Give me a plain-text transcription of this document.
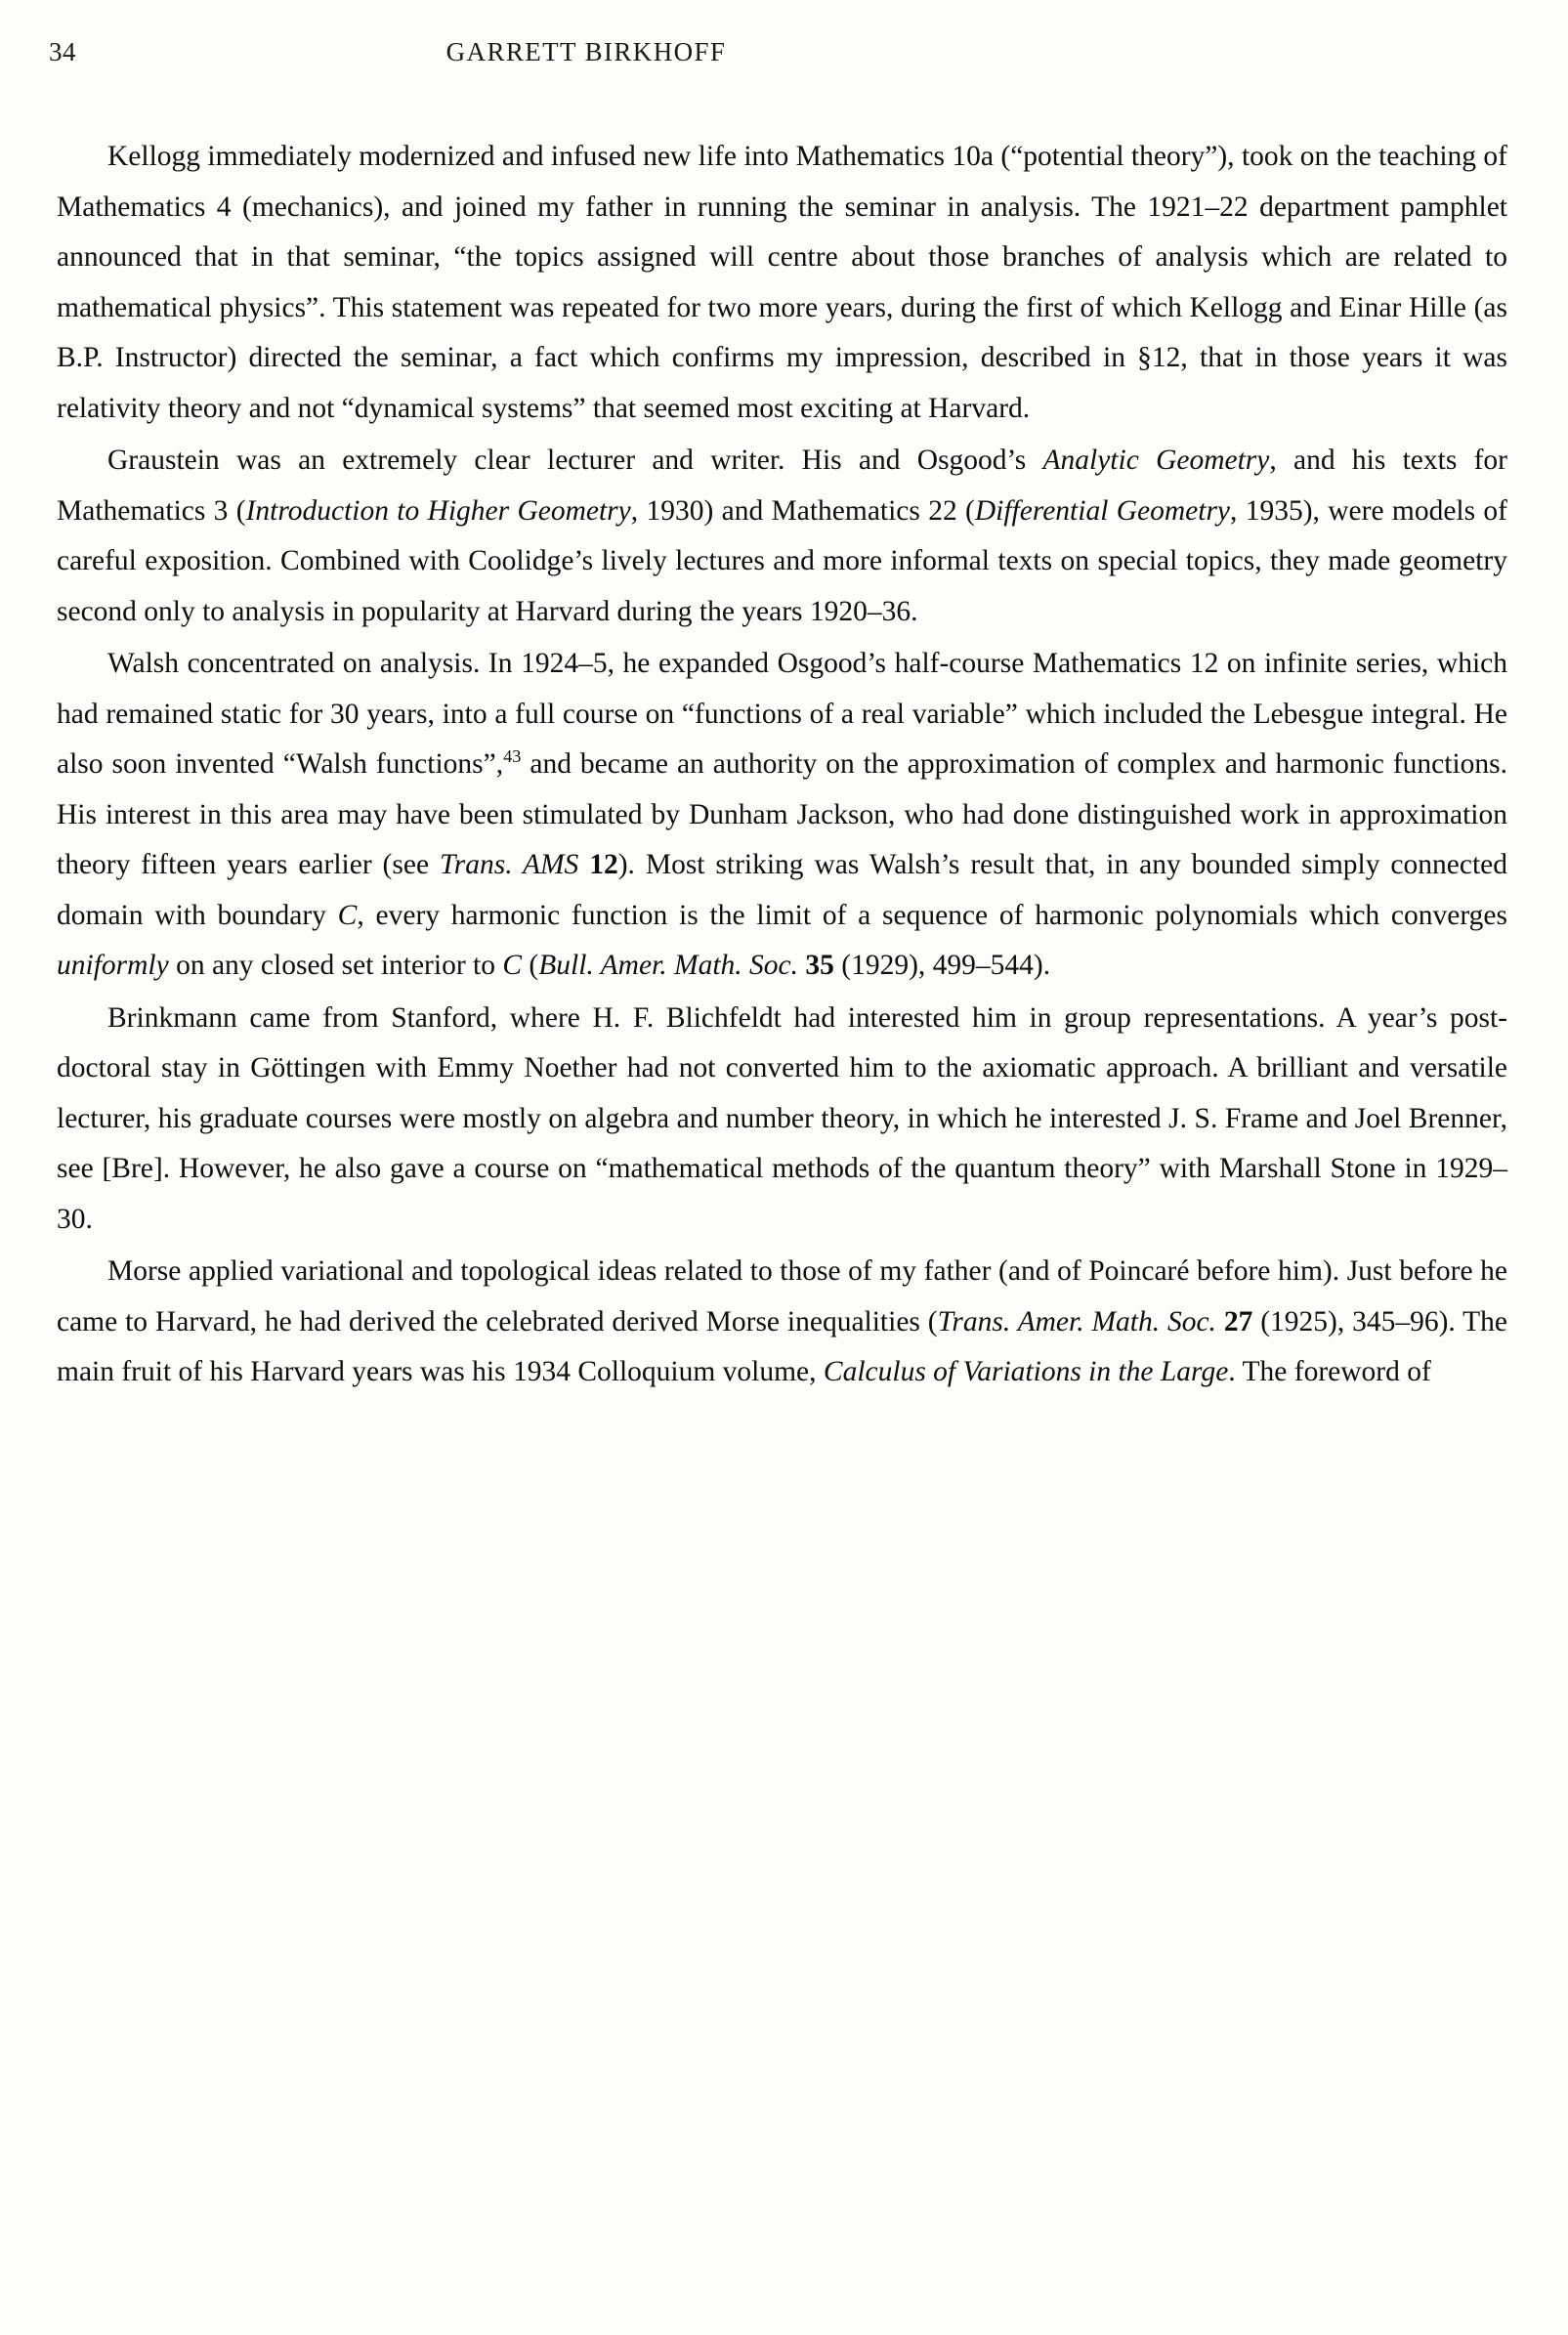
34	GARRETT BIRKHOFF

Kellogg immediately modernized and infused new life into Mathematics 10a (“potential theory”), took on the teaching of Mathematics 4 (mechanics), and joined my father in running the seminar in analysis. The 1921–22 department pamphlet announced that in that seminar, “the topics assigned will centre about those branches of analysis which are related to mathematical physics”. This statement was repeated for two more years, during the first of which Kellogg and Einar Hille (as B.P. Instructor) directed the seminar, a fact which confirms my impression, described in §12, that in those years it was relativity theory and not “dynamical systems” that seemed most exciting at Harvard.

Graustein was an extremely clear lecturer and writer. His and Osgood’s Analytic Geometry, and his texts for Mathematics 3 (Introduction to Higher Geometry, 1930) and Mathematics 22 (Differential Geometry, 1935), were models of careful exposition. Combined with Coolidge’s lively lectures and more informal texts on special topics, they made geometry second only to analysis in popularity at Harvard during the years 1920–36.

Walsh concentrated on analysis. In 1924–5, he expanded Osgood’s half-course Mathematics 12 on infinite series, which had remained static for 30 years, into a full course on “functions of a real variable” which included the Lebesgue integral. He also soon invented “Walsh functions”,$^{43}$ and became an authority on the approximation of complex and harmonic functions. His interest in this area may have been stimulated by Dunham Jackson, who had done distinguished work in approximation theory fifteen years earlier (see Trans. AMS 12). Most striking was Walsh’s result that, in any bounded simply connected domain with boundary C, every harmonic function is the limit of a sequence of harmonic polynomials which converges uniformly on any closed set interior to C (Bull. Amer. Math. Soc. 35 (1929), 499–544).

Brinkmann came from Stanford, where H. F. Blichfeldt had interested him in group representations. A year’s post-doctoral stay in Göttingen with Emmy Noether had not converted him to the axiomatic approach. A brilliant and versatile lecturer, his graduate courses were mostly on algebra and number theory, in which he interested J. S. Frame and Joel Brenner, see [Bre]. However, he also gave a course on “mathematical methods of the quantum theory” with Marshall Stone in 1929–30.

Morse applied variational and topological ideas related to those of my father (and of Poincaré before him). Just before he came to Harvard, he had derived the celebrated derived Morse inequalities (Trans. Amer. Math. Soc. 27 (1925), 345–96). The main fruit of his Harvard years was his 1934 Colloquium volume, Calculus of Variations in the Large. The foreword of
